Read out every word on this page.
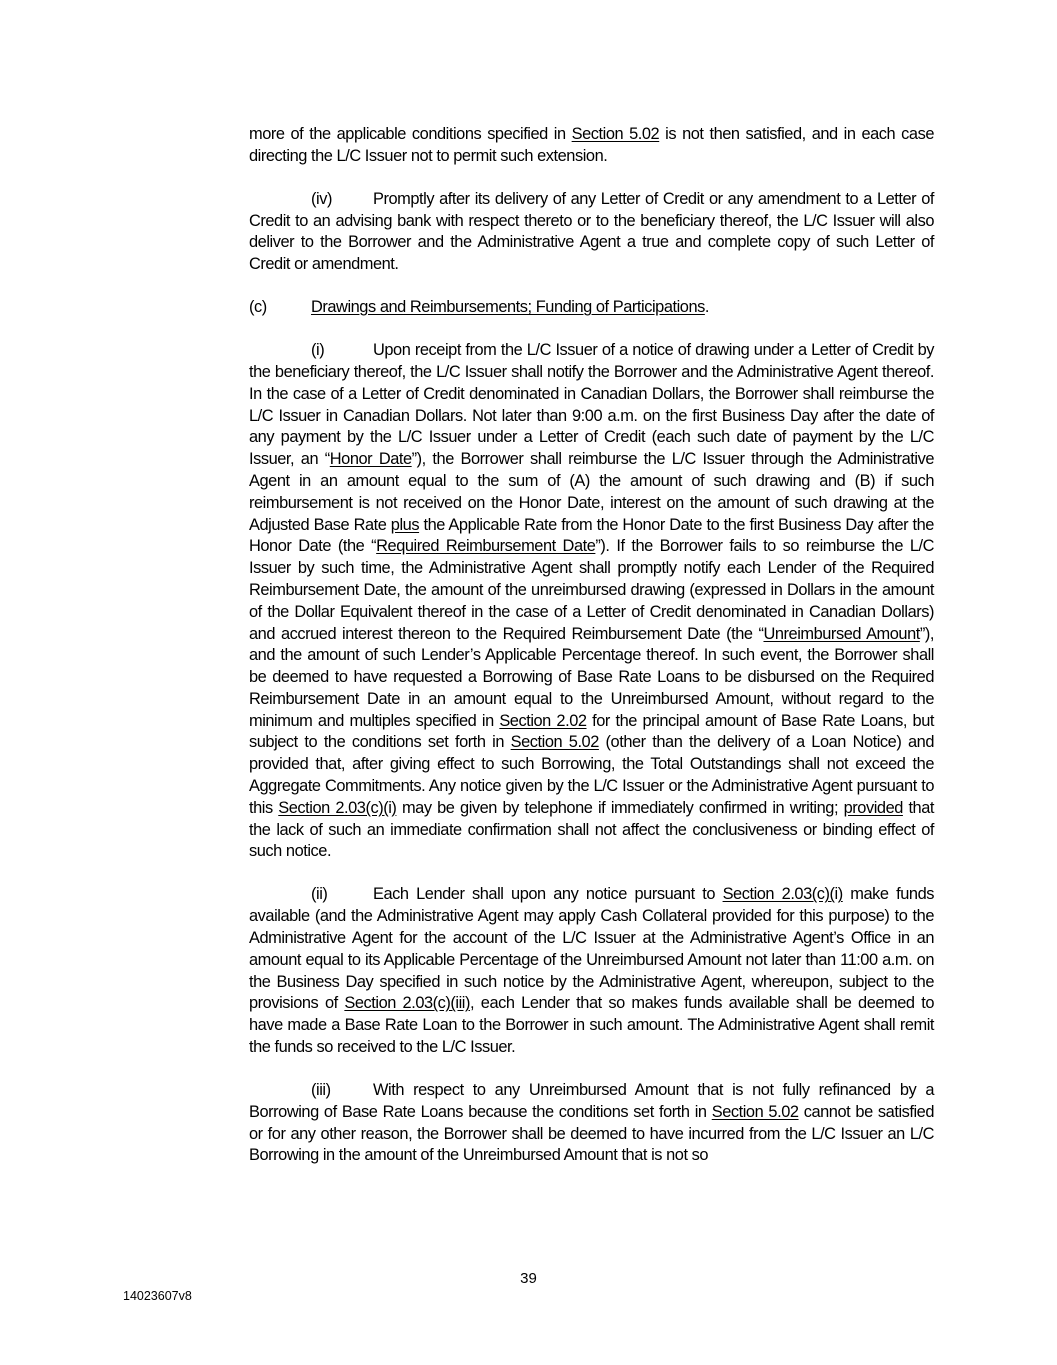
more of the applicable conditions specified in Section 5.02 is not then satisfied, and in each case directing the L/C Issuer not to permit such extension.

(iv)	Promptly after its delivery of any Letter of Credit or any amendment to a Letter of Credit to an advising bank with respect thereto or to the beneficiary thereof, the L/C Issuer will also deliver to the Borrower and the Administrative Agent a true and complete copy of such Letter of Credit or amendment.

(c)	Drawings and Reimbursements; Funding of Participations.

(i)	Upon receipt from the L/C Issuer of a notice of drawing under a Letter of Credit by the beneficiary thereof, the L/C Issuer shall notify the Borrower and the Administrative Agent thereof. In the case of a Letter of Credit denominated in Canadian Dollars, the Borrower shall reimburse the L/C Issuer in Canadian Dollars. Not later than 9:00 a.m. on the first Business Day after the date of any payment by the L/C Issuer under a Letter of Credit (each such date of payment by the L/C Issuer, an “Honor Date”), the Borrower shall reimburse the L/C Issuer through the Administrative Agent in an amount equal to the sum of (A) the amount of such drawing and (B) if such reimbursement is not received on the Honor Date, interest on the amount of such drawing at the Adjusted Base Rate plus the Applicable Rate from the Honor Date to the first Business Day after the Honor Date (the “Required Reimbursement Date”). If the Borrower fails to so reimburse the L/C Issuer by such time, the Administrative Agent shall promptly notify each Lender of the Required Reimbursement Date, the amount of the unreimbursed drawing (expressed in Dollars in the amount of the Dollar Equivalent thereof in the case of a Letter of Credit denominated in Canadian Dollars) and accrued interest thereon to the Required Reimbursement Date (the “Unreimbursed Amount”), and the amount of such Lender’s Applicable Percentage thereof. In such event, the Borrower shall be deemed to have requested a Borrowing of Base Rate Loans to be disbursed on the Required Reimbursement Date in an amount equal to the Unreimbursed Amount, without regard to the minimum and multiples specified in Section 2.02 for the principal amount of Base Rate Loans, but subject to the conditions set forth in Section 5.02 (other than the delivery of a Loan Notice) and provided that, after giving effect to such Borrowing, the Total Outstandings shall not exceed the Aggregate Commitments. Any notice given by the L/C Issuer or the Administrative Agent pursuant to this Section 2.03(c)(i) may be given by telephone if immediately confirmed in writing; provided that the lack of such an immediate confirmation shall not affect the conclusiveness or binding effect of such notice.

(ii)	Each Lender shall upon any notice pursuant to Section 2.03(c)(i) make funds available (and the Administrative Agent may apply Cash Collateral provided for this purpose) to the Administrative Agent for the account of the L/C Issuer at the Administrative Agent’s Office in an amount equal to its Applicable Percentage of the Unreimbursed Amount not later than 11:00 a.m. on the Business Day specified in such notice by the Administrative Agent, whereupon, subject to the provisions of Section 2.03(c)(iii), each Lender that so makes funds available shall be deemed to have made a Base Rate Loan to the Borrower in such amount. The Administrative Agent shall remit the funds so received to the L/C Issuer.

(iii)	With respect to any Unreimbursed Amount that is not fully refinanced by a Borrowing of Base Rate Loans because the conditions set forth in Section 5.02 cannot be satisfied or for any other reason, the Borrower shall be deemed to have incurred from the L/C Issuer an L/C Borrowing in the amount of the Unreimbursed Amount that is not so

39
14023607v8
